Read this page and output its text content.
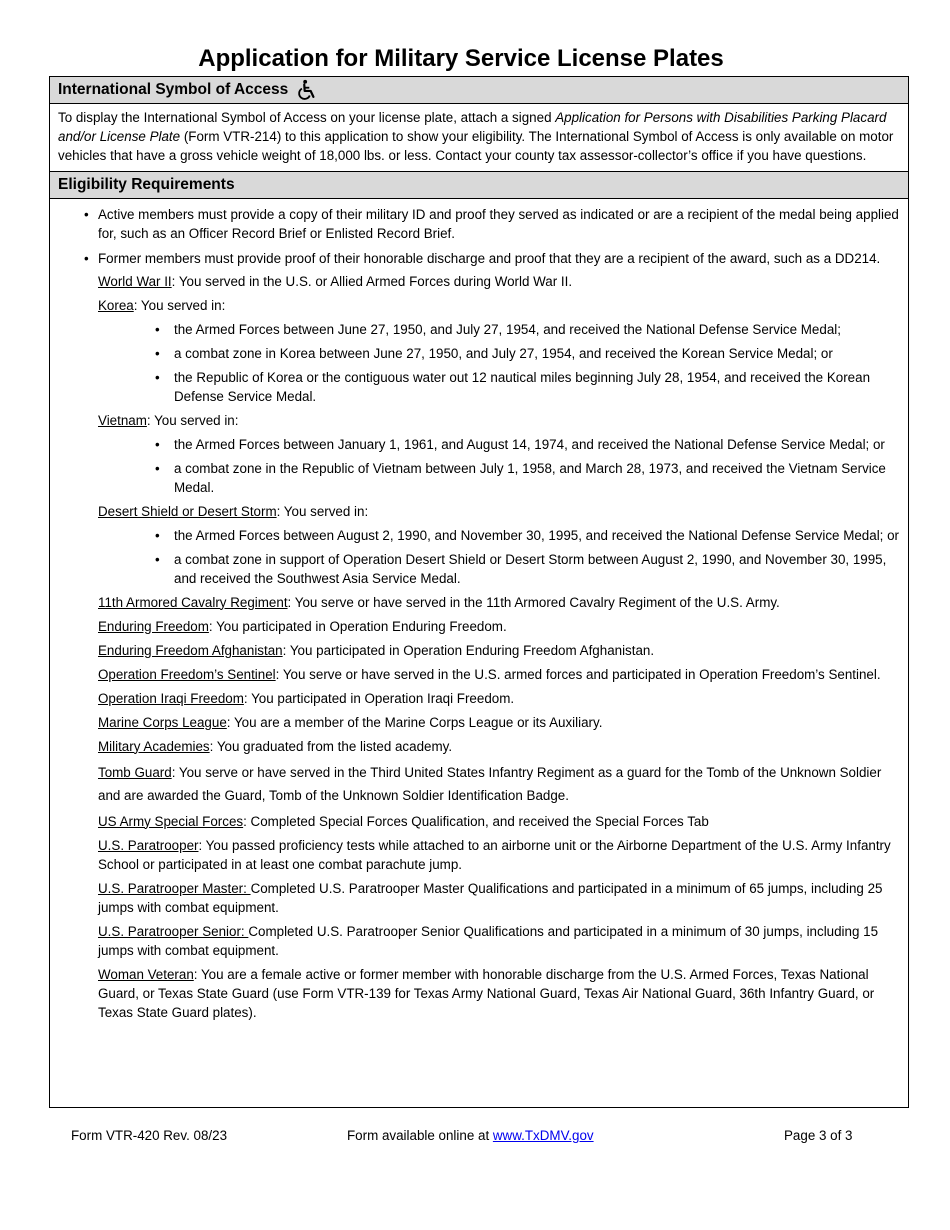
Application for Military Service License Plates
International Symbol of Access
To display the International Symbol of Access on your license plate, attach a signed Application for Persons with Disabilities Parking Placard and/or License Plate (Form VTR-214) to this application to show your eligibility. The International Symbol of Access is only available on motor vehicles that have a gross vehicle weight of 18,000 lbs. or less. Contact your county tax assessor-collector’s office if you have questions.
Eligibility Requirements
• Active members must provide a copy of their military ID and proof they served as indicated or are a recipient of the medal being applied for, such as an Officer Record Brief or Enlisted Record Brief.
• Former members must provide proof of their honorable discharge and proof that they are a recipient of the award, such as a DD214.
World War II: You served in the U.S. or Allied Armed Forces during World War II.
Korea: You served in:
• the Armed Forces between June 27, 1950, and July 27, 1954, and received the National Defense Service Medal;
• a combat zone in Korea between June 27, 1950, and July 27, 1954, and received the Korean Service Medal; or
• the Republic of Korea or the contiguous water out 12 nautical miles beginning July 28, 1954, and received the Korean Defense Service Medal.
Vietnam: You served in:
• the Armed Forces between January 1, 1961, and August 14, 1974, and received the National Defense Service Medal; or
• a combat zone in the Republic of Vietnam between July 1, 1958, and March 28, 1973, and received the Vietnam Service Medal.
Desert Shield or Desert Storm: You served in:
• the Armed Forces between August 2, 1990, and November 30, 1995, and received the National Defense Service Medal; or
• a combat zone in support of Operation Desert Shield or Desert Storm between August 2, 1990, and November 30, 1995, and received the Southwest Asia Service Medal.
11th Armored Cavalry Regiment: You serve or have served in the 11th Armored Cavalry Regiment of the U.S. Army.
Enduring Freedom: You participated in Operation Enduring Freedom.
Enduring Freedom Afghanistan: You participated in Operation Enduring Freedom Afghanistan.
Operation Freedom’s Sentinel: You serve or have served in the U.S. armed forces and participated in Operation Freedom’s Sentinel.
Operation Iraqi Freedom: You participated in Operation Iraqi Freedom.
Marine Corps League: You are a member of the Marine Corps League or its Auxiliary.
Military Academies: You graduated from the listed academy.
Tomb Guard: You serve or have served in the Third United States Infantry Regiment as a guard for the Tomb of the Unknown Soldier and are awarded the Guard, Tomb of the Unknown Soldier Identification Badge.
US Army Special Forces: Completed Special Forces Qualification, and received the Special Forces Tab
U.S. Paratrooper: You passed proficiency tests while attached to an airborne unit or the Airborne Department of the U.S. Army Infantry School or participated in at least one combat parachute jump.
U.S. Paratrooper Master: Completed U.S. Paratrooper Master Qualifications and participated in a minimum of 65 jumps, including 25 jumps with combat equipment.
U.S. Paratrooper Senior: Completed U.S. Paratrooper Senior Qualifications and participated in a minimum of 30 jumps, including 15 jumps with combat equipment.
Woman Veteran: You are a female active or former member with honorable discharge from the U.S. Armed Forces, Texas National Guard, or Texas State Guard (use Form VTR-139 for Texas Army National Guard, Texas Air National Guard, 36th Infantry Guard, or Texas State Guard plates).
Form VTR-420 Rev. 08/23	Form available online at www.TxDMV.gov	Page 3 of 3
